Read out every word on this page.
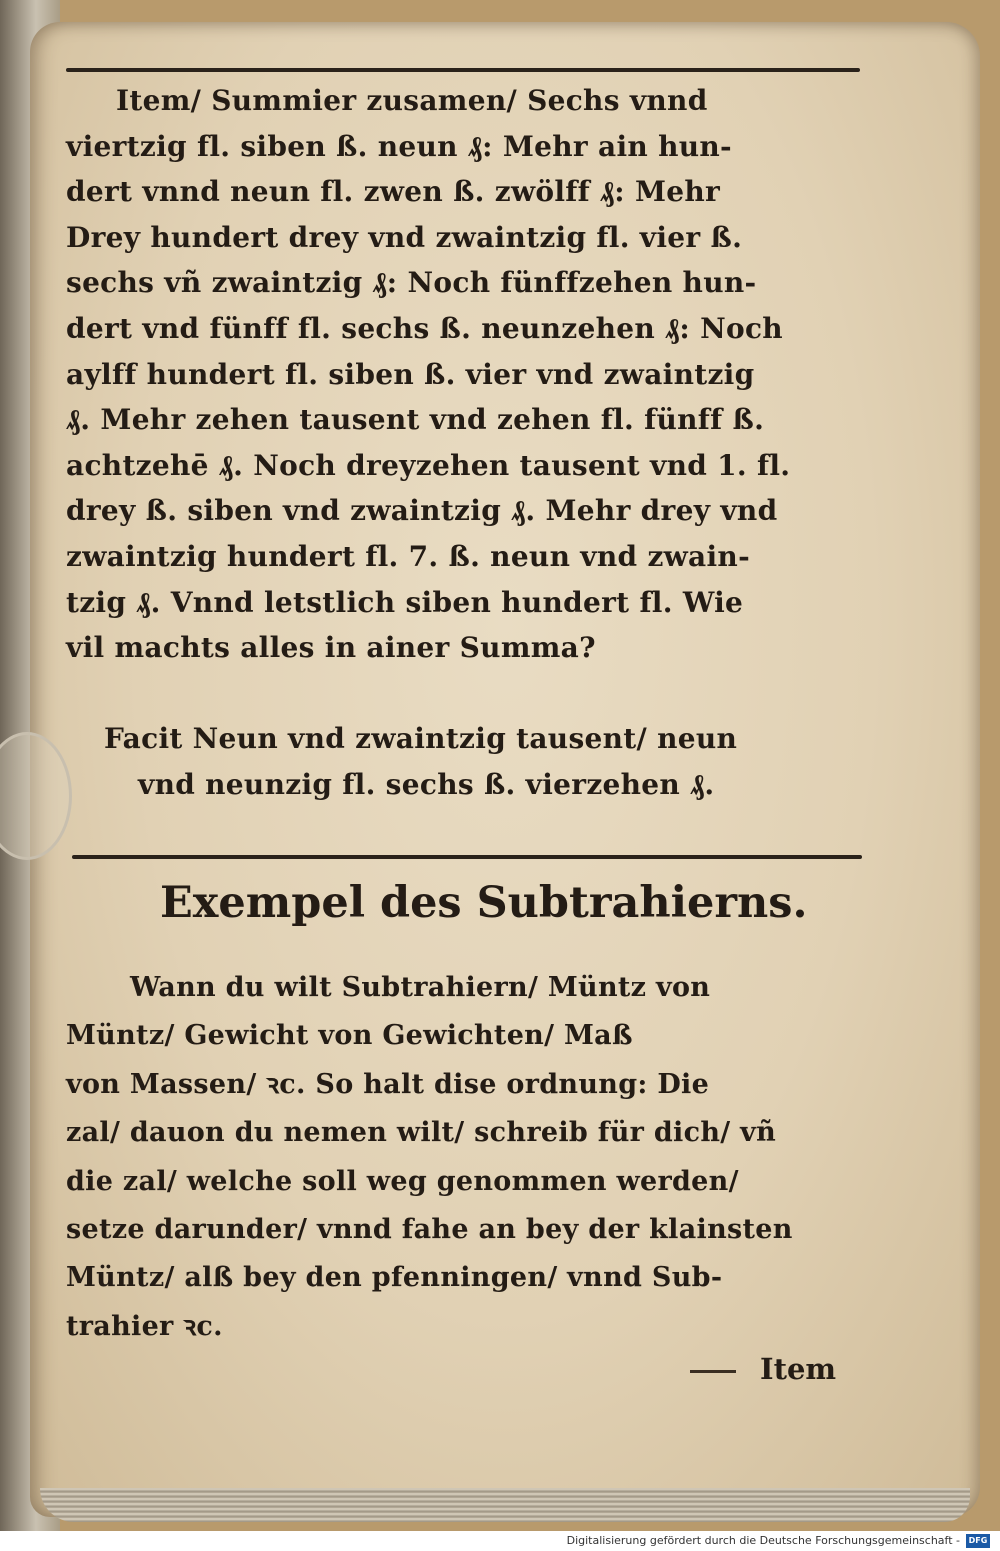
Item/ Summier zusamen/ Sechs vnnd
viertzig fl. siben ß. neun ₰: Mehr ain hun-
dert vnnd neun fl. zwen ß. zwölff ₰: Mehr
Drey hundert drey vnd zwaintzig fl. vier ß.
sechs vñ zwaintzig ₰: Noch fünffzehen hun-
dert vnd fünff fl. sechs ß. neunzehen ₰: Noch
aylff hundert fl. siben ß. vier vnd zwaintzig
₰. Mehr zehen tausent vnd zehen fl. fünff ß.
achtzehē ₰. Noch dreyzehen tausent vnd 1. fl.
drey ß. siben vnd zwaintzig ₰. Mehr drey vnd
zwaintzig hundert fl. 7. ß. neun vnd zwain-
tzig ₰. Vnnd letstlich siben hundert fl. Wie
vil machts alles in ainer Summa?
Facit Neun vnd zwaintzig tausent/ neun
vnd neunzig fl. sechs ß. vierzehen ₰.
Exempel des Subtrahierns.
Wann du wilt Subtrahiern/ Müntz von
Müntz/ Gewicht von Gewichten/ Maß
von Massen/ ꝛc. So halt dise ordnung: Die
zal/ dauon du nemen wilt/ schreib für dich/ vñ
die zal/ welche soll weg genommen werden/
setze darunder/ vnnd fahe an bey der klainsten
Müntz/ alß bey den pfenningen/ vnnd Sub-
trahier ꝛc.
Item
Digitalisierung gefördert durch die Deutsche Forschungsgemeinschaft -	DFG
